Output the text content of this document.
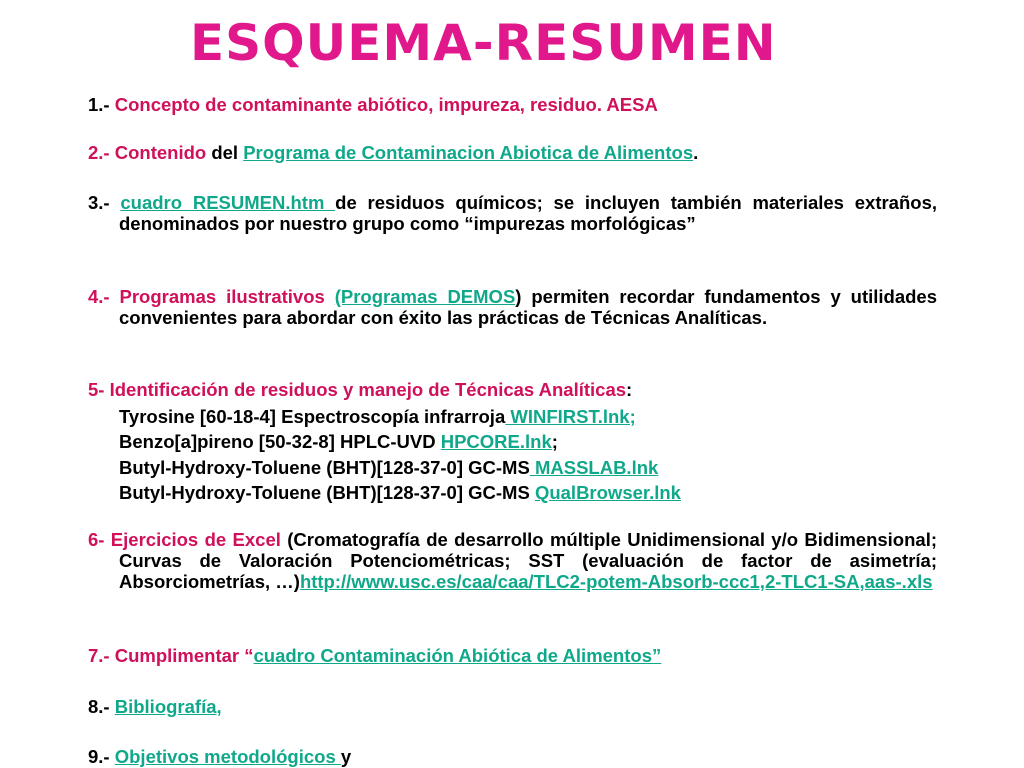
ESQUEMA-RESUMEN
1.- Concepto de contaminante abiótico, impureza, residuo. AESA
2.- Contenido del Programa de Contaminacion Abiotica de Alimentos.
3.- cuadro RESUMEN.htm de residuos químicos; se incluyen también materiales extraños, denominados por nuestro grupo como “impurezas morfológicas”
4.- Programas ilustrativos (Programas DEMOS) permiten recordar fundamentos y utilidades convenientes para abordar con éxito las prácticas de Técnicas Analíticas.
5- Identificación de residuos y manejo de Técnicas Analíticas:
Tyrosine [60-18-4] Espectroscopía infrarroja WINFIRST.lnk;
Benzo[a]pireno [50-32-8] HPLC-UVD HPCORE.lnk;
Butyl-Hydroxy-Toluene (BHT)[128-37-0] GC-MS MASSLAB.lnk
Butyl-Hydroxy-Toluene (BHT)[128-37-0] GC-MS QualBrowser.lnk
6- Ejercicios de Excel (Cromatografía de desarrollo múltiple Unidimensional y/o Bidimensional; Curvas de Valoración Potenciométricas; SST (evaluación de factor de asimetría; Absorciometrías, …)http://www.usc.es/caa/caa/TLC2-potem-Absorb-ccc1,2-TLC1-SA,aas-.xls
7.- Cumplimentar “cuadro Contaminación Abiótica de Alimentos”
8.- Bibliografía,
9.- Objetivos metodológicos y
